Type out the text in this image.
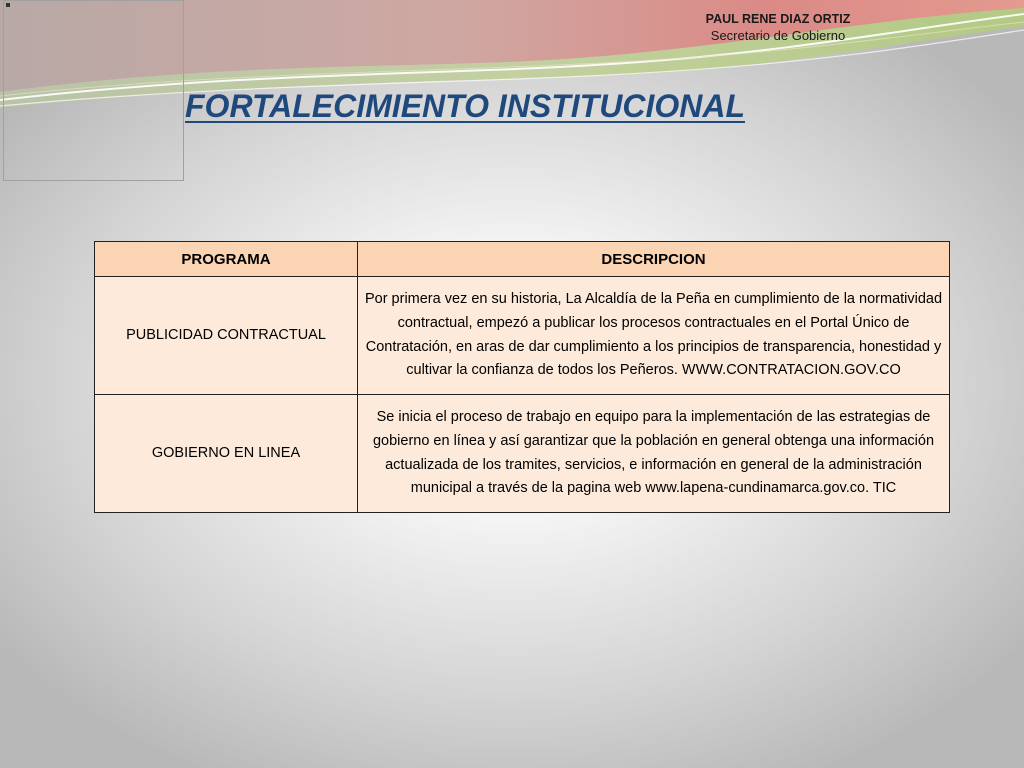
PAUL RENE DIAZ ORTIZ
Secretario de Gobierno
FORTALECIMIENTO INSTITUCIONAL
PROGRAMA	DESCRIPCION
PUBLICIDAD CONTRACTUAL	Por primera vez en su historia, La Alcaldía de la Peña en cumplimiento de la normatividad contractual, empezó a publicar los procesos contractuales en el Portal Único de Contratación, en aras de dar cumplimiento a los principios de transparencia, honestidad y cultivar la confianza de todos los Peñeros. WWW.CONTRATACION.GOV.CO
GOBIERNO EN LINEA	Se inicia el proceso de trabajo en equipo para la implementación de las estrategias de gobierno en línea y así garantizar que la población en general obtenga una información actualizada de los tramites, servicios, e información en general de la administración municipal a través de la pagina web www.lapena-cundinamarca.gov.co. TIC
